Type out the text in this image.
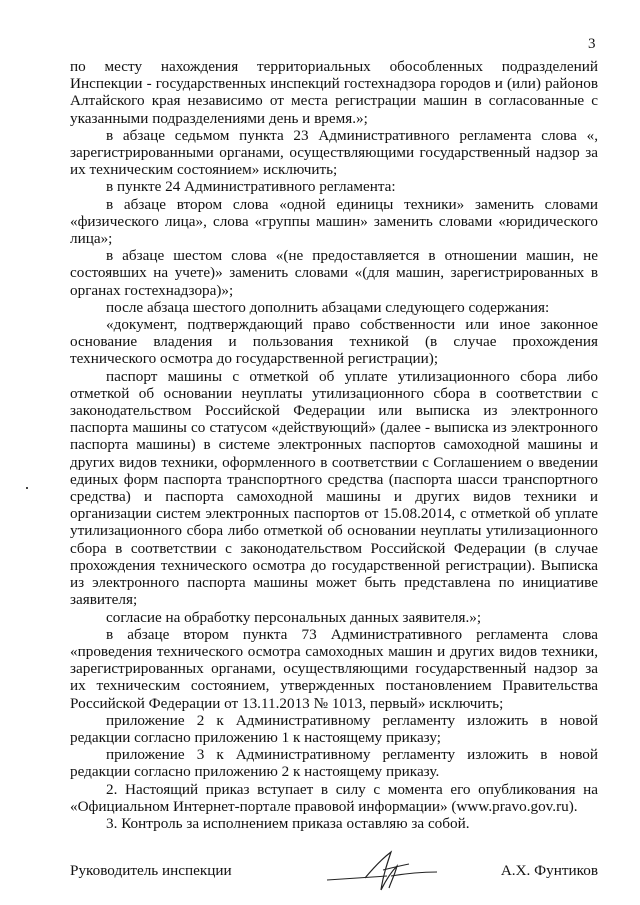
3

по месту нахождения территориальных обособленных подразделений Инспекции - государственных инспекций гостехнадзора городов и (или) районов Алтайского края независимо от места регистрации машин в согласованные с указанными подразделениями день и время.»;

в абзаце седьмом пункта 23 Административного регламента слова «, зарегистрированными органами, осуществляющими государственный надзор за их техническим состоянием» исключить;

в пункте 24 Административного регламента:

в абзаце втором слова «одной единицы техники» заменить словами «физического лица», слова «группы машин» заменить словами «юридического лица»;

в абзаце шестом слова «(не предоставляется в отношении машин, не состоявших на учете)» заменить словами «(для машин, зарегистрированных в органах гостехнадзора)»;

после абзаца шестого дополнить абзацами следующего содержания:

«документ, подтверждающий право собственности или иное законное основание владения и пользования техникой (в случае прохождения технического осмотра до государственной регистрации);

паспорт машины с отметкой об уплате утилизационного сбора либо отметкой об основании неуплаты утилизационного сбора в соответствии с законодательством Российской Федерации или выписка из электронного паспорта машины со статусом «действующий» (далее - выписка из электронного паспорта машины) в системе электронных паспортов самоходной машины и других видов техники, оформленного в соответствии с Соглашением о введении единых форм паспорта транспортного средства (паспорта шасси транспортного средства) и паспорта самоходной машины и других видов техники и организации систем электронных паспортов от 15.08.2014, с отметкой об уплате утилизационного сбора либо отметкой об основании неуплаты утилизационного сбора в соответствии с законодательством Российской Федерации (в случае прохождения технического осмотра до государственной регистрации). Выписка из электронного паспорта машины может быть представлена по инициативе заявителя;

согласие на обработку персональных данных заявителя.»;

в абзаце втором пункта 73 Административного регламента слова «проведения технического осмотра самоходных машин и других видов техники, зарегистрированных органами, осуществляющими государственный надзор за их техническим состоянием, утвержденных постановлением Правительства Российской Федерации от 13.11.2013 № 1013, первый» исключить;

приложение 2 к Административному регламенту изложить в новой редакции согласно приложению 1 к настоящему приказу;

приложение 3 к Административному регламенту изложить в новой редакции согласно приложению 2 к настоящему приказу.

2. Настоящий приказ вступает в силу с момента его опубликования на «Официальном Интернет-портале правовой информации» (www.pravo.gov.ru).

3. Контроль за исполнением приказа оставляю за собой.

Руководитель инспекции	А.Х. Фунтиков
